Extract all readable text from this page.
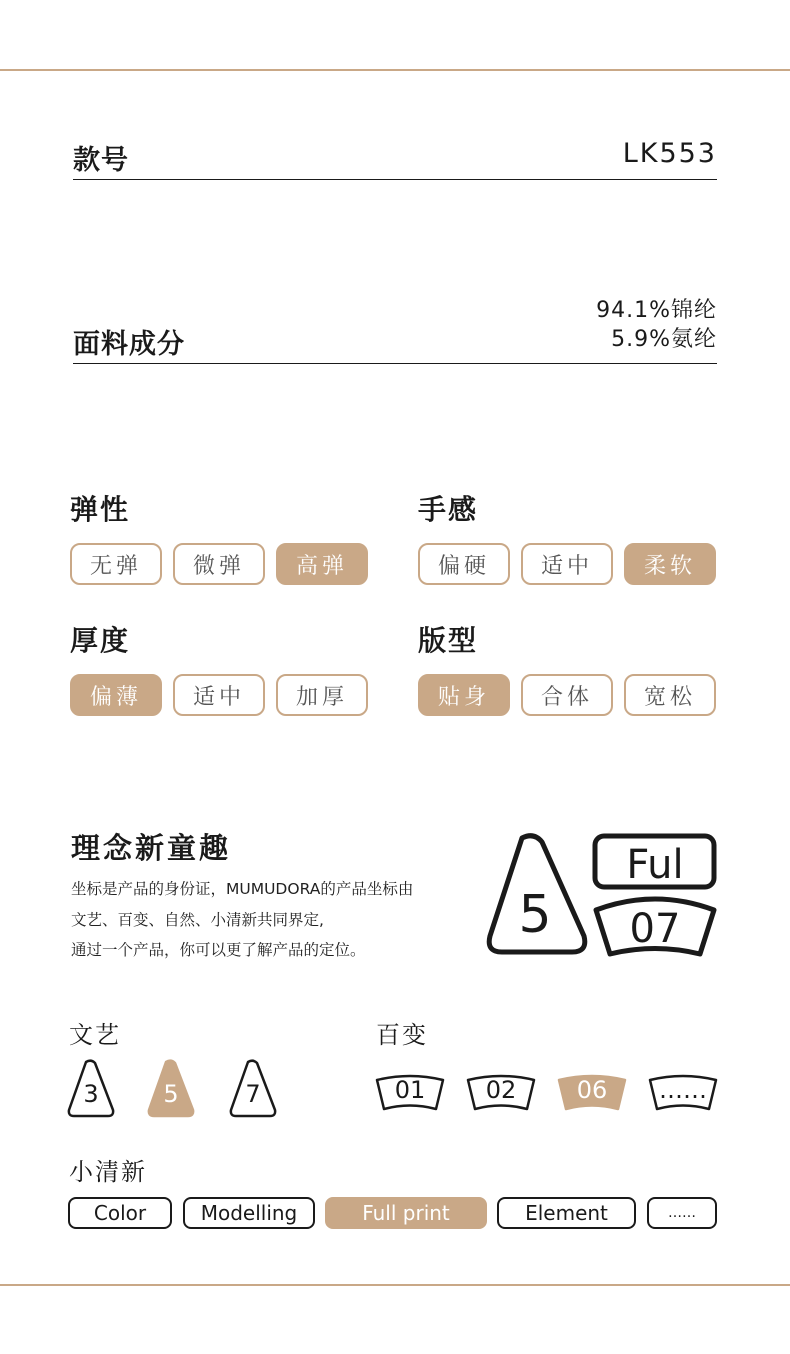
款号	LK553
面料成分
94.1%锦纶
5.9%氨纶
弹性
无弹	微弹	高弹
手感
偏硬	适中	柔软
厚度
偏薄	适中	加厚
版型
贴身	合体	宽松
理念新童趣
坐标是产品的身份证，MUMUDORA的产品坐标由
文艺、百变、自然、小清新共同界定,
通过一个产品，你可以更了解产品的定位。
5
Ful
07
文艺
3	5	7
百变
01	02	06	……
小清新
Color	Modelling	Full print	Element	……
